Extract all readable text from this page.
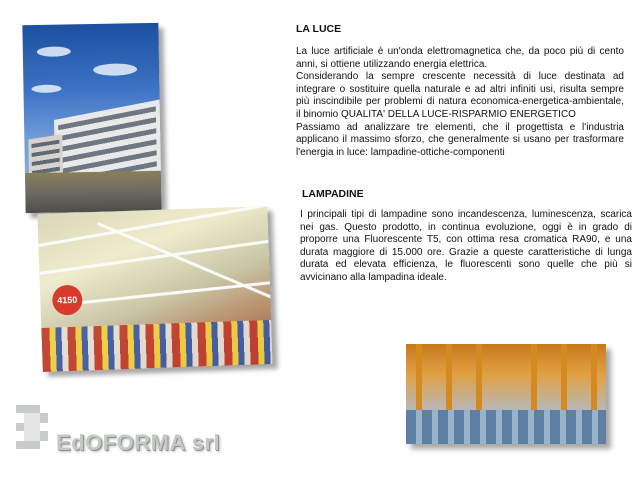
4150
LA LUCE

La luce artificiale è un'onda elettromagnetica che, da poco più di cento anni, si ottiene utilizzando energia elettrica.

Considerando la sempre crescente necessità di luce destinata ad integrare o sostituire quella naturale e ad altri infiniti usi, risulta sempre più inscindibile per problemi di natura economica-energetica-ambientale, il binomio QUALITA' DELLA LUCE-RISPARMIO ENERGETICO

Passiamo ad analizzare tre elementi, che il progettista e l'industria applicano il massimo sforzo, che generalmente si usano per trasformare l'energia in luce: lampadine-ottiche-componenti

LAMPADINE

I principali tipi di lampadine sono incandescenza, luminescenza, scarica nei gas. Questo prodotto, in continua evoluzione, oggi è in grado di proporre una Fluorescente T5, con ottima resa cromatica RA90, e una durata maggiore di 15.000 ore. Grazie a queste caratteristiche di lunga durata ed elevata efficienza, le fluorescenti sono quelle che più si avvicinano alla lampadina ideale.

EdOFORMA srl
